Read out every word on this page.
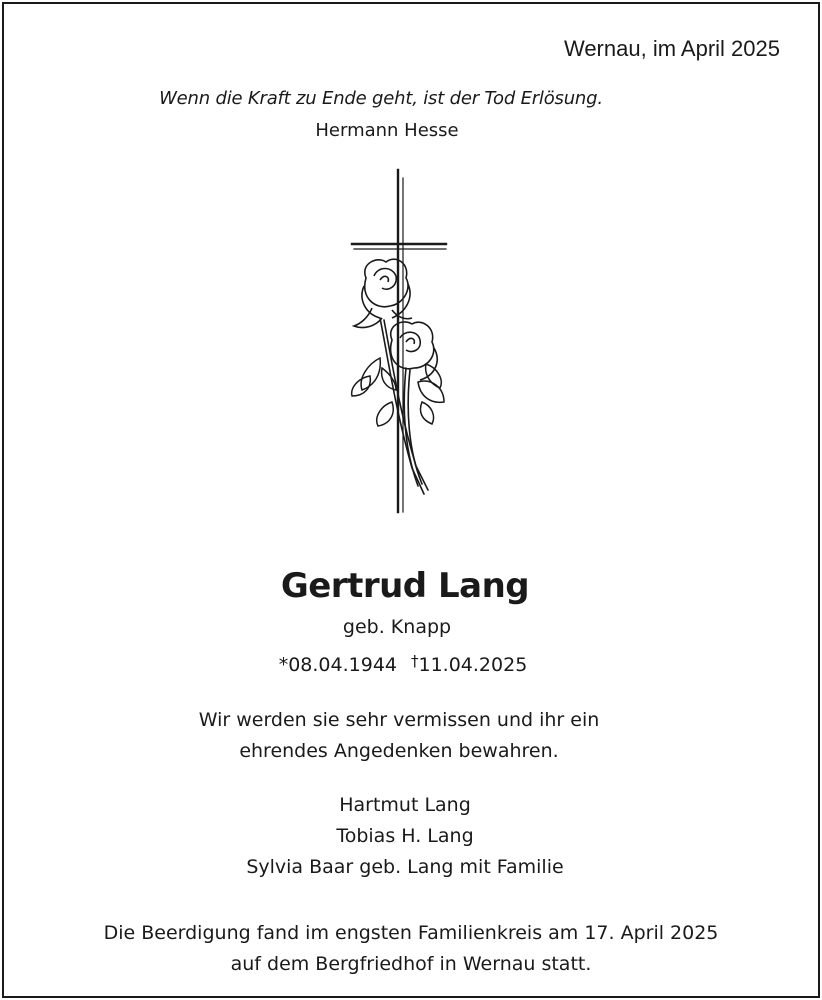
Wernau, im April 2025
Wenn die Kraft zu Ende geht, ist der Tod Erlösung.
Hermann Hesse
Gertrud Lang
geb. Knapp
*08.04.1944 †11.04.2025
Wir werden sie sehr vermissen und ihr ein
ehrendes Angedenken bewahren.
Hartmut Lang
Tobias H. Lang
Sylvia Baar geb. Lang mit Familie
Die Beerdigung fand im engsten Familienkreis am 17. April 2025
auf dem Bergfriedhof in Wernau statt.
